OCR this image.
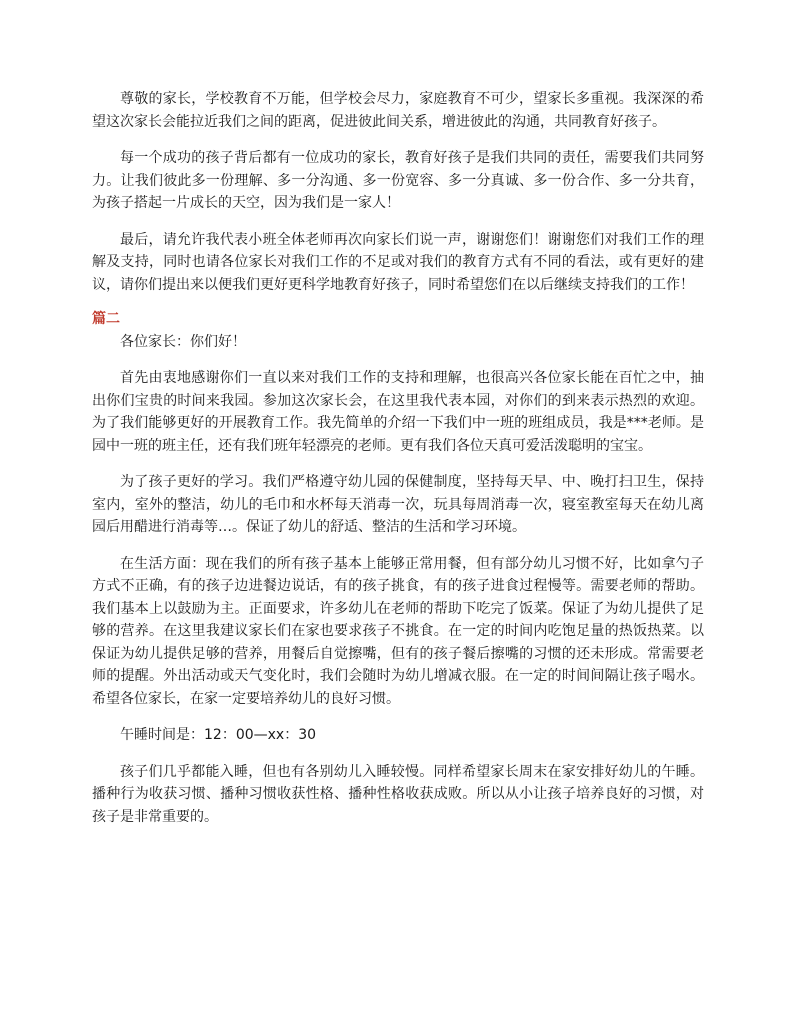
尊敬的家长，学校教育不万能，但学校会尽力，家庭教育不可少，望家长多重视。我深深的希望这次家长会能拉近我们之间的距离，促进彼此间关系，增进彼此的沟通，共同教育好孩子。

每一个成功的孩子背后都有一位成功的家长，教育好孩子是我们共同的责任，需要我们共同努力。让我们彼此多一份理解、多一分沟通、多一份宽容、多一分真诚、多一份合作、多一分共育，为孩子搭起一片成长的天空，因为我们是一家人！

最后，请允许我代表小班全体老师再次向家长们说一声，谢谢您们！谢谢您们对我们工作的理解及支持，同时也请各位家长对我们工作的不足或对我们的教育方式有不同的看法，或有更好的建议，请你们提出来以便我们更好更科学地教育好孩子，同时希望您们在以后继续支持我们的工作！

篇二

各位家长：你们好！

首先由衷地感谢你们一直以来对我们工作的支持和理解，也很高兴各位家长能在百忙之中，抽出你们宝贵的时间来我园。参加这次家长会，在这里我代表本园，对你们的到来表示热烈的欢迎。为了我们能够更好的开展教育工作。我先简单的介绍一下我们中一班的班组成员，我是***老师。是园中一班的班主任，还有我们班年轻漂亮的老师。更有我们各位天真可爱活泼聪明的宝宝。

为了孩子更好的学习。我们严格遵守幼儿园的保健制度，坚持每天早、中、晚打扫卫生，保持室内，室外的整洁，幼儿的毛巾和水杯每天消毒一次，玩具每周消毒一次，寝室教室每天在幼儿离园后用醋进行消毒等…。保证了幼儿的舒适、整洁的生活和学习环境。

在生活方面：现在我们的所有孩子基本上能够正常用餐，但有部分幼儿习惯不好，比如拿勺子方式不正确，有的孩子边进餐边说话，有的孩子挑食，有的孩子进食过程慢等。需要老师的帮助。我们基本上以鼓励为主。正面要求，许多幼儿在老师的帮助下吃完了饭菜。保证了为幼儿提供了足够的营养。在这里我建议家长们在家也要求孩子不挑食。在一定的时间内吃饱足量的热饭热菜。以保证为幼儿提供足够的营养，用餐后自觉擦嘴，但有的孩子餐后擦嘴的习惯的还未形成。常需要老师的提醒。外出活动或天气变化时，我们会随时为幼儿增减衣服。在一定的时间间隔让孩子喝水。希望各位家长，在家一定要培养幼儿的良好习惯。

午睡时间是：12：00—xx：30

孩子们几乎都能入睡，但也有各别幼儿入睡较慢。同样希望家长周末在家安排好幼儿的午睡。播种行为收获习惯、播种习惯收获性格、播种性格收获成败。所以从小让孩子培养良好的习惯，对孩子是非常重要的。
